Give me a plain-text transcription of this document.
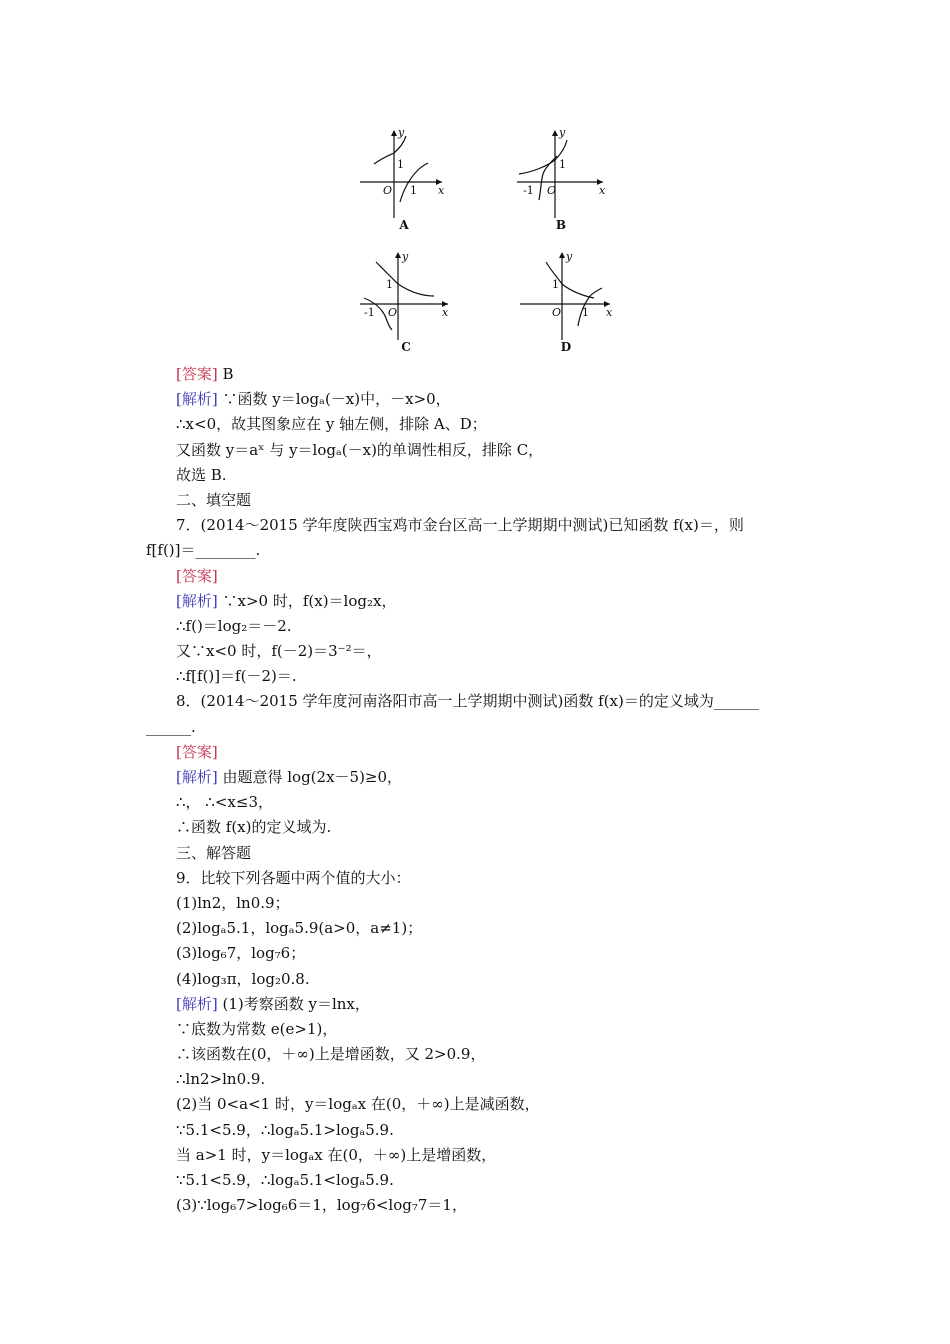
y
x
O
1
1
A
y
x
O
1
-1
B
y
x
O
1
-1
C
y
x
O
1
1
D
[答案] B
[解析] ∵函数 y＝logₐ(－x)中，－x>0，
∴x<0，故其图象应在 y 轴左侧，排除 A、D；
又函数 y＝aˣ 与 y＝logₐ(－x)的单调性相反，排除 C，
故选 B.
二、填空题
7．(2014～2015 学年度陕西宝鸡市金台区高一上学期期中测试)已知函数 f(x)＝，则
f[f()]＝________.
[答案]
[解析] ∵x>0 时，f(x)＝log₂x，
∴f()＝log₂＝－2.
又∵x<0 时，f(－2)＝3⁻²＝，
∴f[f()]＝f(－2)＝.
8．(2014～2015 学年度河南洛阳市高一上学期期中测试)函数 f(x)＝的定义域为______
______.
[答案]
[解析] 由题意得 log(2x－5)≥0，
∴， ∴<x≤3，
∴函数 f(x)的定义域为.
三、解答题
9．比较下列各题中两个值的大小：
(1)ln2，ln0.9；
(2)logₐ5.1，logₐ5.9(a>0，a≠1)；
(3)log₆7，log₇6；
(4)log₃π，log₂0.8.
[解析] (1)考察函数 y＝lnx，
∵底数为常数 e(e>1)，
∴该函数在(0，＋∞)上是增函数，又 2>0.9，
∴ln2>ln0.9.
(2)当 0<a<1 时，y＝logₐx 在(0，＋∞)上是减函数，
∵5.1<5.9，∴logₐ5.1>logₐ5.9.
当 a>1 时，y＝logₐx 在(0，＋∞)上是增函数，
∵5.1<5.9，∴logₐ5.1<logₐ5.9.
(3)∵log₆7>log₆6＝1，log₇6<log₇7＝1，
